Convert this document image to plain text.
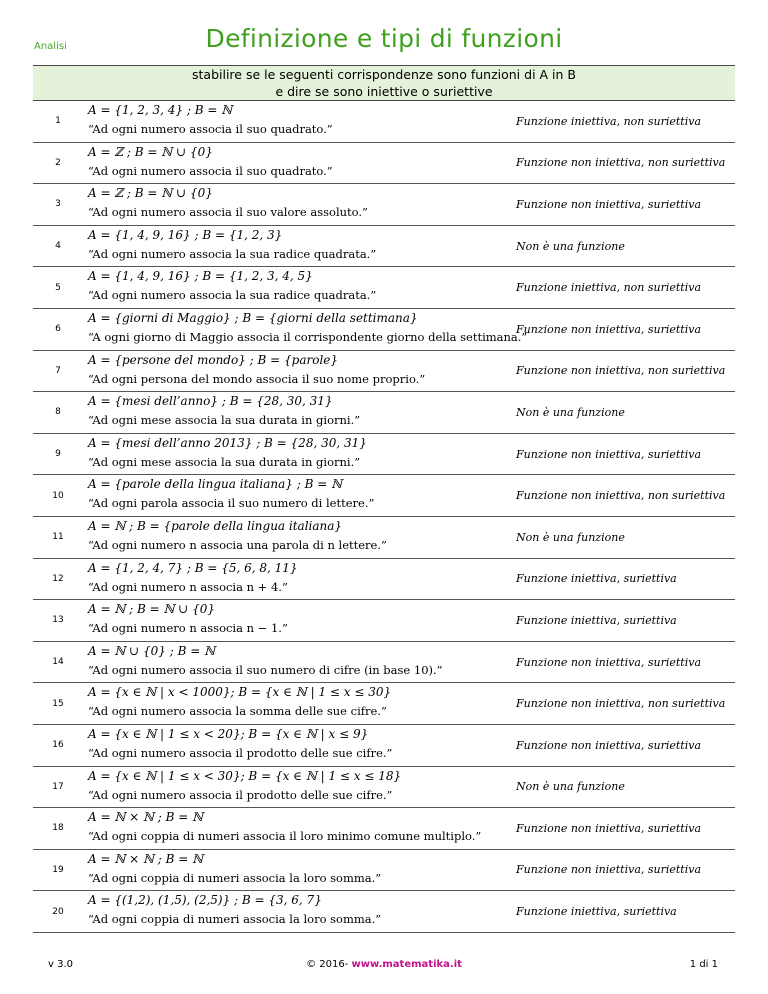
Analisi	Definizione e tipi di funzioni
stabilire se le seguenti corrispondenze sono funzioni di A in B
e dire se sono iniettive o suriettive
1
A = {1, 2, 3, 4} ; B = ℕ
“Ad ogni numero associa il suo quadrato.”
Funzione iniettiva, non suriettiva
2
A = ℤ ; B = ℕ ∪ {0}
“Ad ogni numero associa il suo quadrato.”
Funzione non iniettiva, non suriettiva
3
A = ℤ ; B = ℕ ∪ {0}
“Ad ogni numero associa il suo valore assoluto.”
Funzione non iniettiva, suriettiva
4
A = {1, 4, 9, 16} ; B = {1, 2, 3}
“Ad ogni numero associa la sua radice quadrata.”
Non è una funzione
5
A = {1, 4, 9, 16} ; B = {1, 2, 3, 4, 5}
“Ad ogni numero associa la sua radice quadrata.”
Funzione iniettiva, non suriettiva
6
A = {giorni di Maggio} ; B = {giorni della settimana}
“A ogni giorno di Maggio associa il corrispondente giorno della settimana.”
Funzione non iniettiva, suriettiva
7
A = {persone del mondo} ; B = {parole}
“Ad ogni persona del mondo associa il suo nome proprio.”
Funzione non iniettiva, non suriettiva
8
A = {mesi dell’anno} ; B = {28, 30, 31}
“Ad ogni mese associa la sua durata in giorni.”
Non è una funzione
9
A = {mesi dell’anno 2013} ; B = {28, 30, 31}
“Ad ogni mese associa la sua durata in giorni.”
Funzione non iniettiva, suriettiva
10
A = {parole della lingua italiana} ; B = ℕ
“Ad ogni parola associa il suo numero di lettere.”
Funzione non iniettiva, non suriettiva
11
A = ℕ ; B = {parole della lingua italiana}
“Ad ogni numero n associa una parola di n lettere.”
Non è una funzione
12
A = {1, 2, 4, 7} ; B = {5, 6, 8, 11}
“Ad ogni numero n associa n + 4.”
Funzione iniettiva, suriettiva
13
A = ℕ ; B = ℕ ∪ {0}
“Ad ogni numero n associa n − 1.”
Funzione iniettiva, suriettiva
14
A = ℕ ∪ {0} ; B = ℕ
“Ad ogni numero associa il suo numero di cifre (in base 10).”
Funzione non iniettiva, suriettiva
15
A = {x ∈ ℕ | x < 1000}; B = {x ∈ ℕ | 1 ≤ x ≤ 30}
“Ad ogni numero associa la somma delle sue cifre.”
Funzione non iniettiva, non suriettiva
16
A = {x ∈ ℕ | 1 ≤ x < 20}; B = {x ∈ ℕ | x ≤ 9}
“Ad ogni numero associa il prodotto delle sue cifre.”
Funzione non iniettiva, suriettiva
17
A = {x ∈ ℕ | 1 ≤ x < 30}; B = {x ∈ ℕ | 1 ≤ x ≤ 18}
“Ad ogni numero associa il prodotto delle sue cifre.”
Non è una funzione
18
A = ℕ × ℕ ; B = ℕ
“Ad ogni coppia di numeri associa il loro minimo comune multiplo.”
Funzione non iniettiva, suriettiva
19
A = ℕ × ℕ ; B = ℕ
“Ad ogni coppia di numeri associa la loro somma.”
Funzione non iniettiva, suriettiva
20
A = {(1,2), (1,5), (2,5)} ; B = {3, 6, 7}
“Ad ogni coppia di numeri associa la loro somma.”
Funzione iniettiva, suriettiva
v 3.0	© 2016- www.matematika.it	1 di 1
